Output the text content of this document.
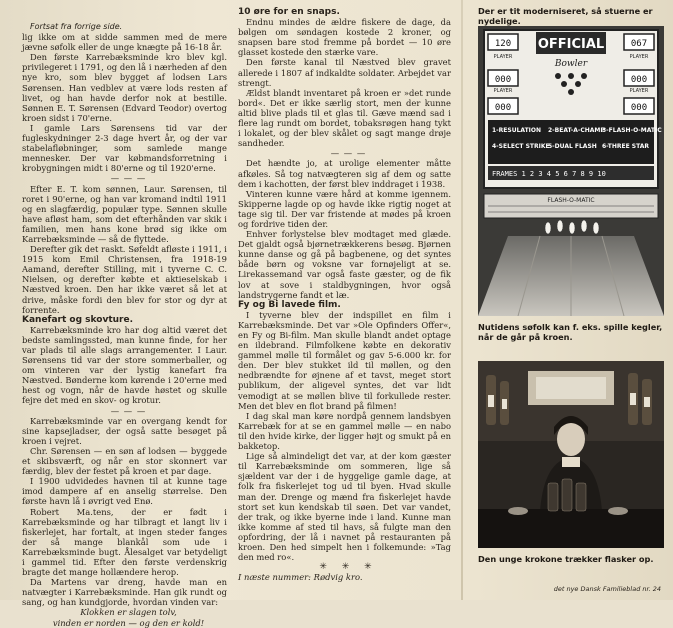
Fortsat fra forrige side.

lig ikke om at sidde sammen med de mere jævne søfolk eller de unge knægte på 16-18 år.

Den første Karrebæksminde kro blev kgl. privilegeret i 1791, og den lå i nærheden af den nye kro, som blev bygget af lodsen Lars Sørensen. Han vedblev at være lods resten af livet, og han havde derfor nok at bestille. Sønnen E. T. Sørensen (Edvard Teodor) overtog kroen sidst i 70'erne.

I gamle Lars Sørensens tid var der fugleskydninger 2-3 dage hvert år, og der var stabelafløbninger, som samlede mange mennesker. Der var købmandsforretning i krobygningen midt i 80'erne og til 1920'erne.

— — —

Efter E. T. kom sønnen, Laur. Sørensen, til roret i 90'erne, og han var kromand indtil 1911 og en slagfærdig, populær type. Sønnen skulle have afløst ham, som det efterhånden var skik i familien, men hans kone brød sig ikke om Karrebæksminde — så de flyttede.

Derefter gik det raskt. Søfeldt afløste i 1911, i 1915 kom Emil Christensen, fra 1918-19 Aamand, derefter Stilling, mit i tyverne C. C. Nielsen, og derefter købte et aktieselskab i Næstved kroen. Den har ikke været så let at drive, måske fordi den blev for stor og dyr at forrente.

Kanefart og skovture.

Karrebæksminde kro har dog altid været det bedste samlingssted, man kunne finde, for her var plads til alle slags arrangementer. I Laur. Sørensens tid var der store sommerballer, og om vinteren var der lystig kanefart fra Næstved. Bønderne kom kørende i 20'erne med hest og vogn, når de havde høstet og skulle fejre det med en skov- og krotur.

— — —

Karrebæksminde var en overgang kendt for sine kapsejladser, der også satte besøget på kroen i vejret.

Chr. Sørensen — en søn af lodsen — byggede et skibsværft, og når en stor skonnert var færdig, blev der festet på kroen et par dage.

I 1900 udvidedes havnen til at kunne tage imod dampere af en anselig størrelse. Den første havn lå i øvrigt ved Enø.

Robert Ma.tens, der er født i Karrebæksminde og har tilbragt et langt liv i fiskerlejet, har fortalt, at ingen steder fanges der så mange blankål som ude i Karrebæksminde bugt. Ålesalget var betydeligt i gammel tid. Efter den første verdenskrig bragte det mange hollændere herop.

Da Martens var dreng, havde man en natvægter i Karrebæksminde. Han gik rundt og sang, og han kundgjorde, hvordan vinden var:

Klokken er slagen tolv,
vinden er norden — og den er kold!

10 øre for en snaps.

Endnu mindes de ældre fiskere de dage, da bølgen om søndagen kostede 2 kroner, og snapsen bare stod fremme på bordet — 10 øre glasset kostede den stærke vare.

Den første kanal til Næstved blev gravet allerede i 1807 af indkaldte soldater. Arbejdet var strengt.

Ældst blandt inventaret på kroen er »det runde bord«. Det er ikke særlig stort, men der kunne altid blive plads til et glas til. Gæve mænd sad i flere lag rundt om bordet, tobaksrøgen hang tykt i lokalet, og der blev skålet og sagt mange drøje sandheder.

— — —

Det hændte jo, at urolige elementer måtte afkøles. Så tog natvægteren sig af dem og satte dem i kachotten, der først blev inddraget i 1938.

Vinteren kunne være hård at komme igennem. Skipperne lagde op og havde ikke rigtig noget at tage sig til. Der var fristende at mødes på kroen og fordrive tiden der.

Enhver forlystelse blev modtaget med glæde. Det gjaldt også bjørnetrækkerens besøg. Bjørnen kunne danse og gå på bagbenene, og det syntes både børn og voksne var fornøjeligt at se. Lirekassemand var også faste gæster, og de fik lov at sove i staldbygningen, hvor også landstrygerne fandt et læ.

Fy og Bi lavede film.

I tyverne blev der indspillet en film i Karrebæksminde. Det var »Ole Opfinders Offer«, en Fy og Bi-film. Man skulle blandt andet optage en ildebrand. Filmfolkene købte en dekorativ gammel mølle til formålet og gav 5-6.000 kr. for den. Der blev stukket ild til møllen, og den nedbrændte for øjnene af et tavst, meget stort publikum, der aligevel syntes, det var lidt vemodigt at se møllen blive til forkullede rester. Men det blev en flot brand på filmen!

I dag skal man køre nordpå gennem landsbyen Karrebæk for at se en gammel mølle — en nabo til den hvide kirke, der ligger højt og smukt på en bakketop.

Lige så almindeligt det var, at der kom gæster til Karrebæksminde om sommeren, lige så sjældent var der i de hyggelige gamle dage, at folk fra fiskerlejet tog ud til byen. Hvad skulle man der. Drenge og mænd fra fiskerlejet havde stort set kun kendskab til søen. Det var vandet, der trak, og ikke byerne inde i land. Kunne man ikke komme af sted til havs, så fulgte man den opfordring, der lå i navnet på restauranten på kroen. Den hed simpelt hen i folkemunde: »Tag den med ro«.

✳ ✳ ✳

I næste nummer: Rødvig kro.

Der er tit moderniseret, så stuerne er nydelige.
OFFICIAL
Bowler
120	067
000	000
000	000
PLAYER	PLAYER
PLAYER	PLAYER
1-RESULATION 2-BEAT-A-CHAMP
3-FLASH-O-MATIC
4-SELECT STRIKE
5-DUAL FLASH 6-THREE STAR
FRAMES 1 2 3 4 5 6 7 8 9 10
FLASH-O-MATIC
Nutidens søfolk kan f. eks. spille kegler, når de går på kroen.
Den unge krokone trækker flasker op.
det nye Dansk Familieblad nr. 24
